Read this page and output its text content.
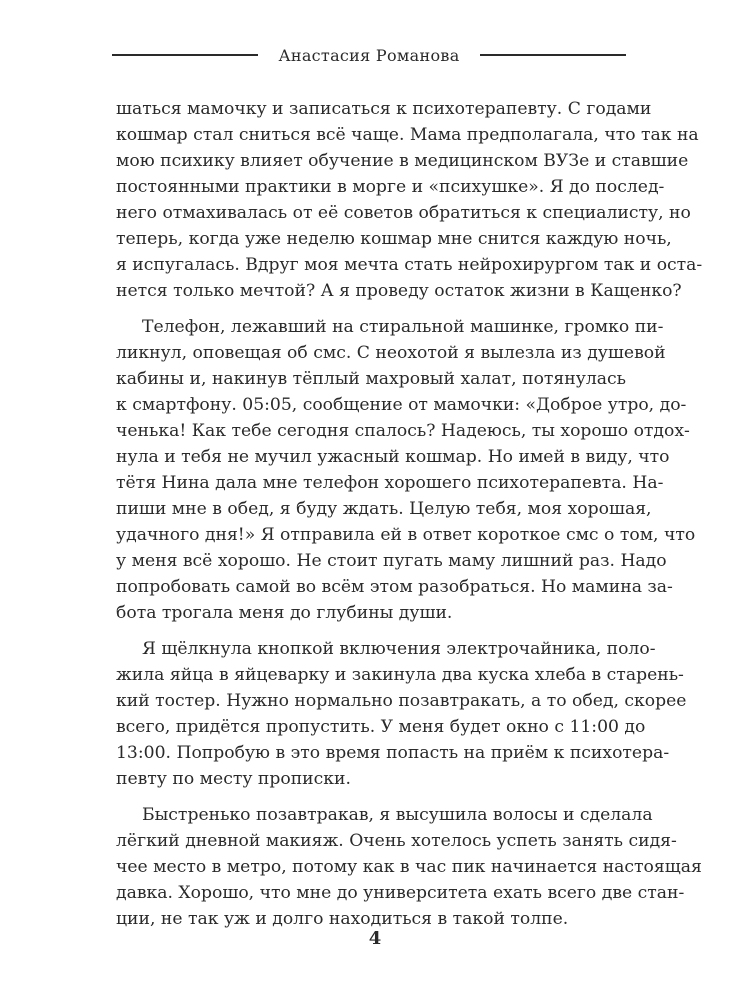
Анастасия Романова
шаться мамочку и записаться к психотерапевту. С годами
кошмар стал сниться всё чаще. Мама предполагала, что так на
мою психику влияет обучение в медицинском ВУЗе и ставшие
постоянными практики в морге и «психушке». Я до послед-
него отмахивалась от её советов обратиться к специалисту, но
теперь, когда уже неделю кошмар мне снится каждую ночь,
я испугалась. Вдруг моя мечта стать нейрохирургом так и оста-
нется только мечтой? А я проведу остаток жизни в Кащенко?
Телефон, лежавший на стиральной машинке, громко пи-
ликнул, оповещая об смс. С неохотой я вылезла из душевой
кабины и, накинув тёплый махровый халат, потянулась
к смартфону. 05:05, сообщение от мамочки: «Доброе утро, до-
ченька! Как тебе сегодня спалось? Надеюсь, ты хорошо отдох-
нула и тебя не мучил ужасный кошмар. Но имей в виду, что
тётя Нина дала мне телефон хорошего психотерапевта. На-
пиши мне в обед, я буду ждать. Целую тебя, моя хорошая,
удачного дня!» Я отправила ей в ответ короткое смс о том, что
у меня всё хорошо. Не стоит пугать маму лишний раз. Надо
попробовать самой во всём этом разобраться. Но мамина за-
бота трогала меня до глубины души.
Я щёлкнула кнопкой включения электрочайника, поло-
жила яйца в яйцеварку и закинула два куска хлеба в старень-
кий тостер. Нужно нормально позавтракать, а то обед, скорее
всего, придётся пропустить. У меня будет окно с 11:00 до
13:00. Попробую в это время попасть на приём к психотера-
певту по месту прописки.
Быстренько позавтракав, я высушила волосы и сделала
лёгкий дневной макияж. Очень хотелось успеть занять сидя-
чее место в метро, потому как в час пик начинается настоящая
давка. Хорошо, что мне до университета ехать всего две стан-
ции, не так уж и долго находиться в такой толпе.
4
